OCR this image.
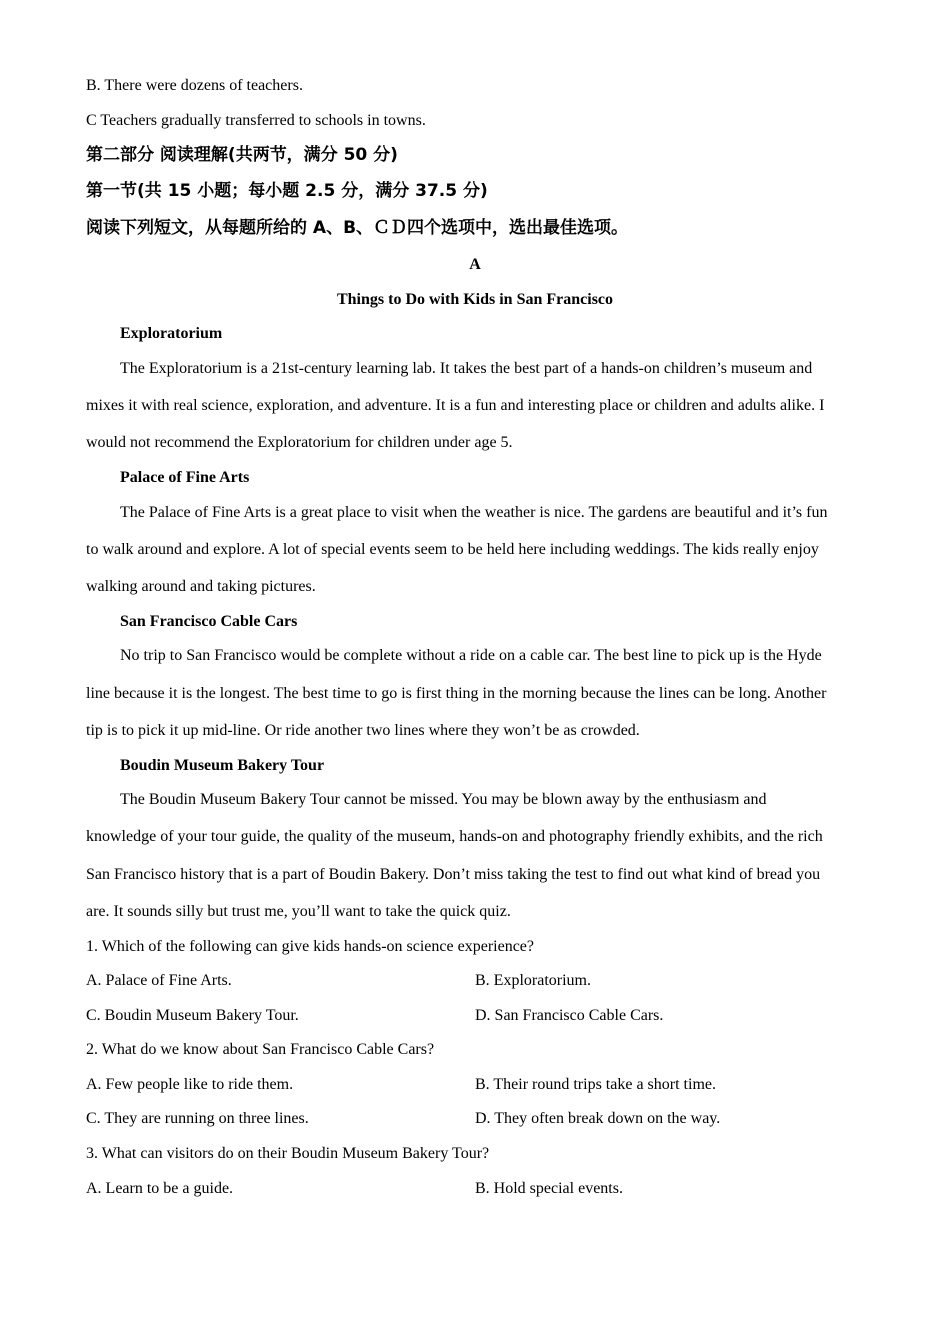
B. There were dozens of teachers.
C Teachers gradually transferred to schools in towns.
第二部分 阅读理解(共两节，满分 50 分)
第一节(共 15 小题；每小题 2.5 分，满分 37.5 分)
阅读下列短文，从每题所给的 A、B、ＣＤ四个选项中，选出最佳选项。
A
Things to Do with Kids in San Francisco
Exploratorium
The Exploratorium is a 21st-century learning lab. It takes the best part of a hands-on children’s museum and
mixes it with real science, exploration, and adventure. It is a fun and interesting place or children and adults alike. I
would not recommend the Exploratorium for children under age 5.
Palace of Fine Arts
The Palace of Fine Arts is a great place to visit when the weather is nice. The gardens are beautiful and it’s fun
to walk around and explore. A lot of special events seem to be held here including weddings. The kids really enjoy
walking around and taking pictures.
San Francisco Cable Cars
No trip to San Francisco would be complete without a ride on a cable car. The best line to pick up is the Hyde
line because it is the longest. The best time to go is first thing in the morning because the lines can be long. Another
tip is to pick it up mid-line. Or ride another two lines where they won’t be as crowded.
Boudin Museum Bakery Tour
The Boudin Museum Bakery Tour cannot be missed. You may be blown away by the enthusiasm and
knowledge of your tour guide, the quality of the museum, hands-on and photography friendly exhibits, and the rich
San Francisco history that is a part of Boudin Bakery. Don’t miss taking the test to find out what kind of bread you
are. It sounds silly but trust me, you’ll want to take the quick quiz.
1. Which of the following can give kids hands-on science experience?
A. Palace of Fine Arts.	B. Exploratorium.
C. Boudin Museum Bakery Tour.	D. San Francisco Cable Cars.
2. What do we know about San Francisco Cable Cars?
A. Few people like to ride them.	B. Their round trips take a short time.
C. They are running on three lines.	D. They often break down on the way.
3. What can visitors do on their Boudin Museum Bakery Tour?
A. Learn to be a guide.	B. Hold special events.
